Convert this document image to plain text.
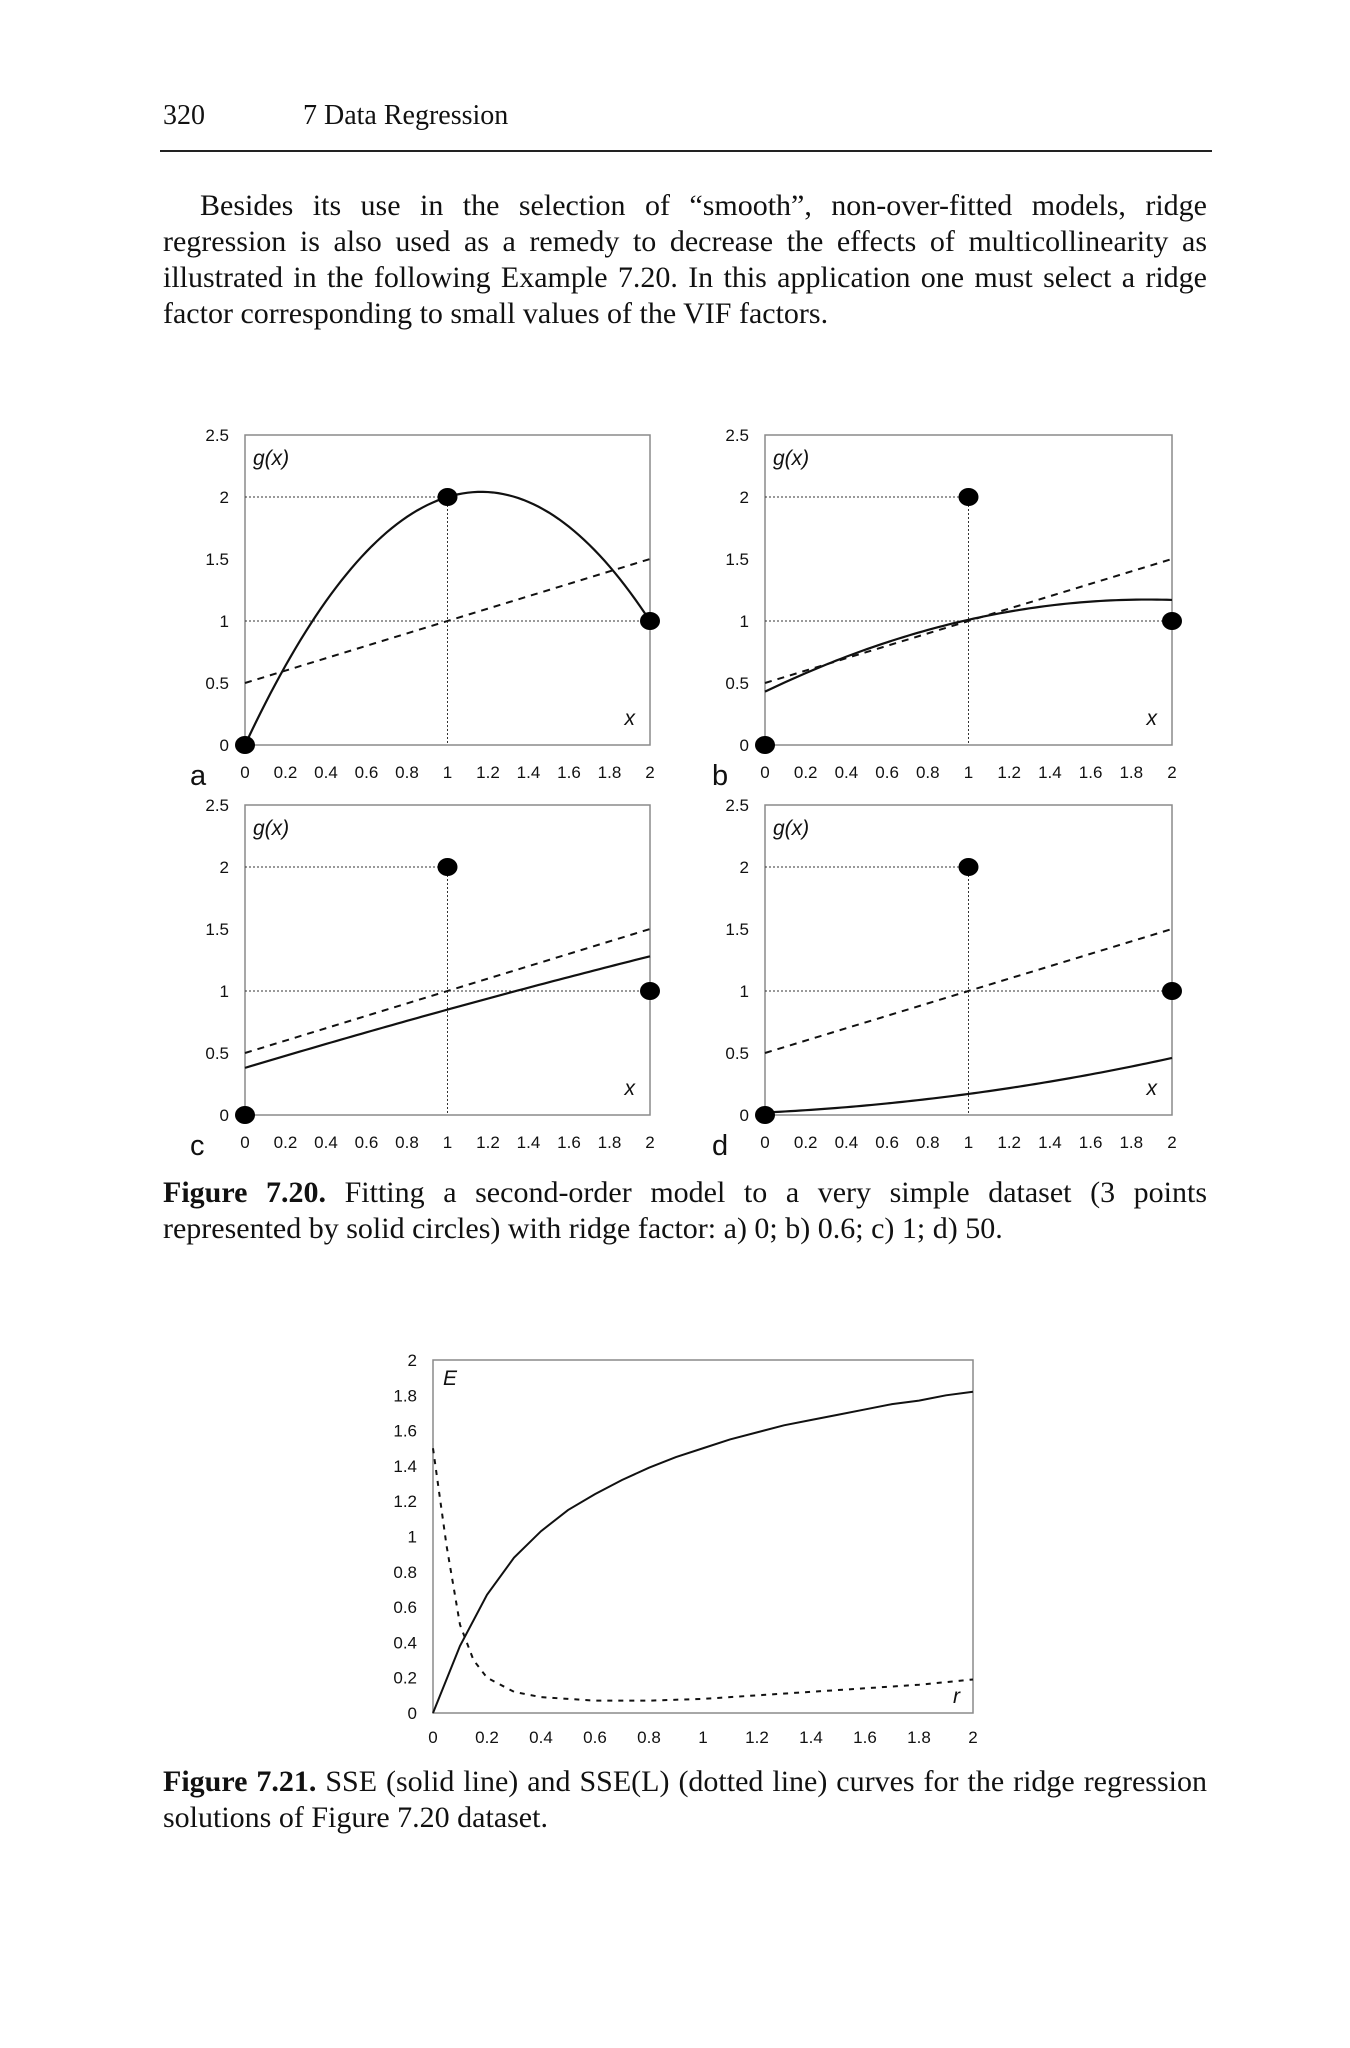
320	7 Data Regression

Besides its use in the selection of “smooth”, non-over-fitted models, ridge regression is also used as a remedy to decrease the effects of multicollinearity as illustrated in the following Example 7.20. In this application one must select a ridge factor corresponding to small values of the VIF factors.

0
0.5
1
1.5
2
2.5
0 0.2 0.4 0.6 0.8 1 1.2 1.4 1.6 1.8 2
g(x)
x
a
0
0.5
1
1.5
2
2.5
0 0.2 0.4 0.6 0.8 1 1.2 1.4 1.6 1.8 2
g(x)
x
b
0
0.5
1
1.5
2
2.5
0 0.2 0.4 0.6 0.8 1 1.2 1.4 1.6 1.8 2
g(x)
x
c
0
0.5
1
1.5
2
2.5
0 0.2 0.4 0.6 0.8 1 1.2 1.4 1.6 1.8 2
g(x)
x
d

Figure 7.20. Fitting a second-order model to a very simple dataset (3 points represented by solid circles) with ridge factor: a) 0; b) 0.6; c) 1; d) 50.

0
0.2
0.4
0.6
0.8
1
1.2
1.4
1.6
1.8
2
0 0.2 0.4 0.6 0.8 1 1.2 1.4 1.6 1.8 2
E
r

Figure 7.21. SSE (solid line) and SSE(L) (dotted line) curves for the ridge regression solutions of Figure 7.20 dataset.
